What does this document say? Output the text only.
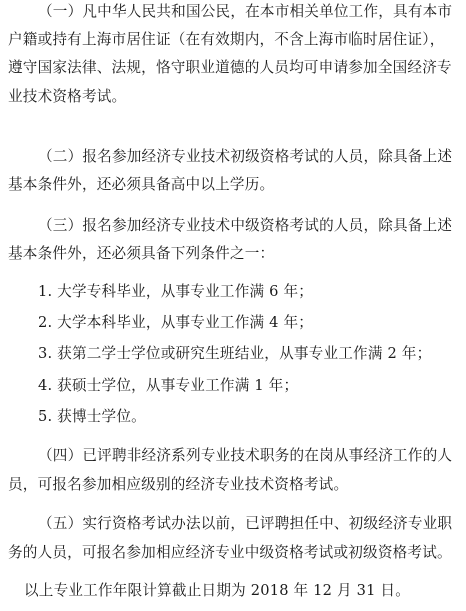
（一）凡中华人民共和国公民，在本市相关单位工作，具有本市
户籍或持有上海市居住证（在有效期内，不含上海市临时居住证），
遵守国家法律、法规，恪守职业道德的人员均可申请参加全国经济专
业技术资格考试。
（二）报名参加经济专业技术初级资格考试的人员，除具备上述
基本条件外，还必须具备高中以上学历。
（三）报名参加经济专业技术中级资格考试的人员，除具备上述
基本条件外，还必须具备下列条件之一：
1. 大学专科毕业，从事专业工作满 6 年；
2. 大学本科毕业，从事专业工作满 4 年；
3. 获第二学士学位或研究生班结业，从事专业工作满 2 年；
4. 获硕士学位，从事专业工作满 1 年；
5. 获博士学位。
（四）已评聘非经济系列专业技术职务的在岗从事经济工作的人
员，可报名参加相应级别的经济专业技术资格考试。
（五）实行资格考试办法以前，已评聘担任中、初级经济专业职
务的人员，可报名参加相应经济专业中级资格考试或初级资格考试。
以上专业工作年限计算截止日期为 2018 年 12 月 31 日。
